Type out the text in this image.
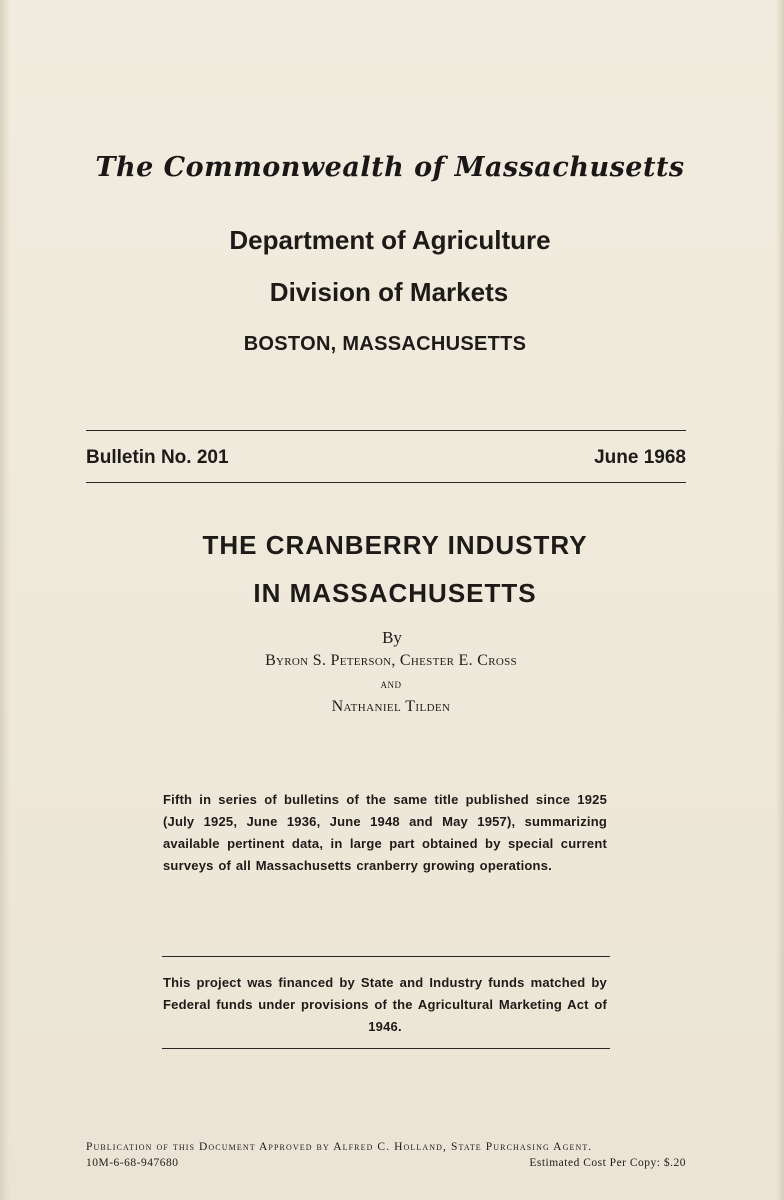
The Commonwealth of Massachusetts
Department of Agriculture
Division of Markets
BOSTON, MASSACHUSETTS
Bulletin No. 201	June 1968
THE CRANBERRY INDUSTRY
IN MASSACHUSETTS
By
Byron S. Peterson, Chester E. Cross
and
Nathaniel Tilden
Fifth in series of bulletins of the same title published since 1925 (July 1925, June 1936, June 1948 and May 1957), summarizing available pertinent data, in large part obtained by special current surveys of all Massachusetts cranberry growing operations.
This project was financed by State and Industry funds matched by Federal funds under provisions of the Agricultural Marketing Act of 1946.
Publication of this Document Approved by Alfred C. Holland, State Purchasing Agent.
10M-6-68-947680	Estimated Cost Per Copy: $.20
